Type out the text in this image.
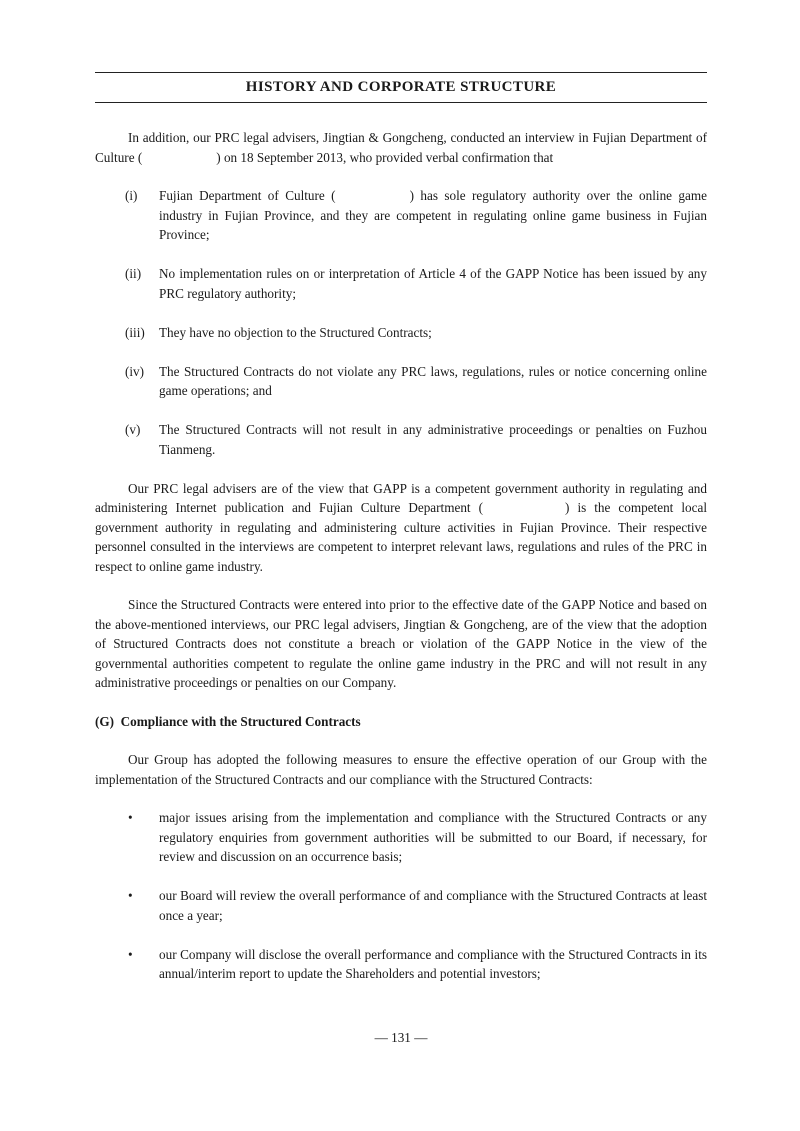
HISTORY AND CORPORATE STRUCTURE

In addition, our PRC legal advisers, Jingtian & Gongcheng, conducted an interview in Fujian Department of Culture (	) on 18 September 2013, who provided verbal confirmation that

(i)	Fujian Department of Culture (	) has sole regulatory authority over the online game industry in Fujian Province, and they are competent in regulating online game business in Fujian Province;

(ii)	No implementation rules on or interpretation of Article 4 of the GAPP Notice has been issued by any PRC regulatory authority;

(iii)	They have no objection to the Structured Contracts;

(iv)	The Structured Contracts do not violate any PRC laws, regulations, rules or notice concerning online game operations; and

(v)	The Structured Contracts will not result in any administrative proceedings or penalties on Fuzhou Tianmeng.

Our PRC legal advisers are of the view that GAPP is a competent government authority in regulating and administering Internet publication and Fujian Culture Department (	) is the competent local government authority in regulating and administering culture activities in Fujian Province. Their respective personnel consulted in the interviews are competent to interpret relevant laws, regulations and rules of the PRC in respect to online game industry.

Since the Structured Contracts were entered into prior to the effective date of the GAPP Notice and based on the above-mentioned interviews, our PRC legal advisers, Jingtian & Gongcheng, are of the view that the adoption of Structured Contracts does not constitute a breach or violation of the GAPP Notice in the view of the governmental authorities competent to regulate the online game industry in the PRC and will not result in any administrative proceedings or penalties on our Company.

(G)  Compliance with the Structured Contracts

Our Group has adopted the following measures to ensure the effective operation of our Group with the implementation of the Structured Contracts and our compliance with the Structured Contracts:

•	major issues arising from the implementation and compliance with the Structured Contracts or any regulatory enquiries from government authorities will be submitted to our Board, if necessary, for review and discussion on an occurrence basis;

•	our Board will review the overall performance of and compliance with the Structured Contracts at least once a year;

•	our Company will disclose the overall performance and compliance with the Structured Contracts in its annual/interim report to update the Shareholders and potential investors;

— 131 —
